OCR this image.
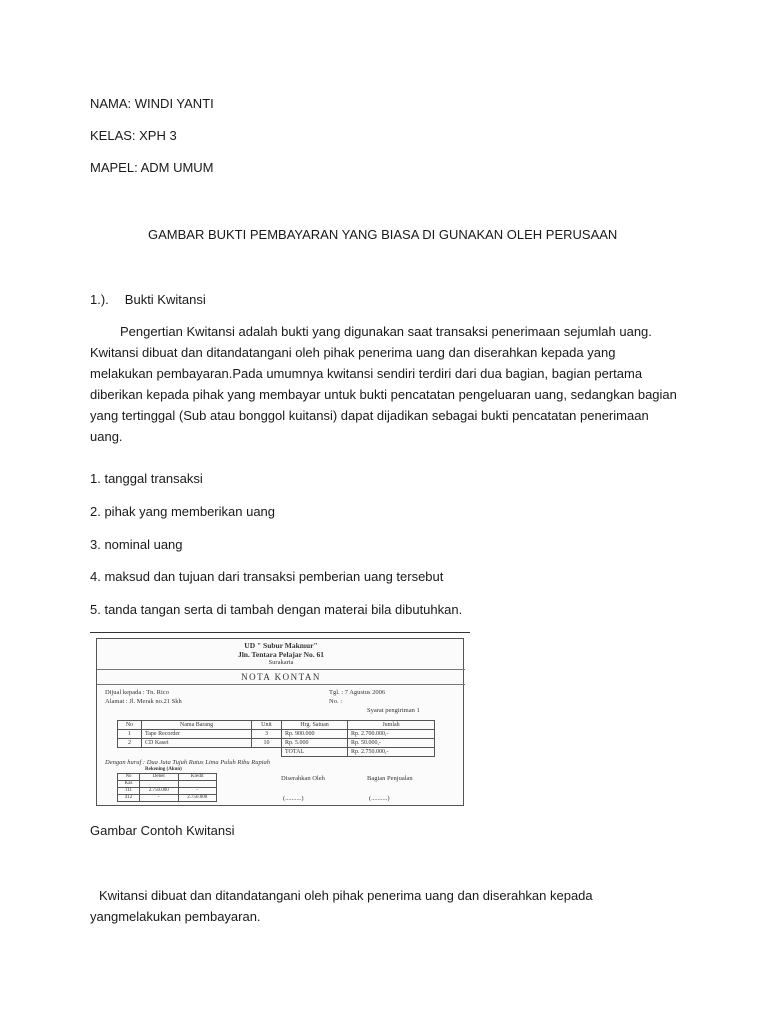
NAMA: WINDI YANTI
KELAS: XPH 3
MAPEL: ADM UMUM
GAMBAR BUKTI PEMBAYARAN YANG BIASA DI GUNAKAN OLEH PERUSAAN
1.). Bukti Kwitansi
Pengertian Kwitansi adalah bukti yang digunakan saat transaksi penerimaan sejumlah uang. Kwitansi dibuat dan ditandatangani oleh pihak penerima uang dan diserahkan kepada yang melakukan pembayaran.Pada umumnya kwitansi sendiri terdiri dari dua bagian, bagian pertama diberikan kepada pihak yang membayar untuk bukti pencatatan pengeluaran uang, sedangkan bagian yang tertinggal (Sub atau bonggol kuitansi) dapat dijadikan sebagai bukti pencatatan penerimaan uang.
1. tanggal transaksi
2. pihak yang memberikan uang
3. nominal uang
4. maksud dan tujuan dari transaksi pemberian uang tersebut
5. tanda tangan serta di tambah dengan materai bila dibutuhkan.
UD " Subur Makmur"
Jln. Tentara Pelajar No. 61
Surakarta
NOTA KONTAN
Dijual kepada : Tn. Rico
Alamat : Jl. Merak no.21 Skh
Tgl. : 7 Agustus 2006
No. :
Syarat pengiriman 1
No	Nama Barang	Unit	Hrg. Satuan	Jumlah
1	Tape Recorder	3	Rp. 900.000	Rp. 2.700.000,-
2	CD Kaset	10	Rp. 5.000	Rp. 50.000,-
			TOTAL	Rp. 2.750.000,-
Dengan huruf : Dua Juta Tujuh Ratus Lima Puluh Ribu Rupiah
Rekening (Akun)
No	Debet	Kredit
Kas		
111	2.750.000	-
412	-	2.750.000
Diserahkan Oleh	Bagian Penjualan
(..........)	(..........)
Gambar Contoh Kwitansi
Kwitansi dibuat dan ditandatangani oleh pihak penerima uang dan diserahkan kepada yangmelakukan pembayaran.
